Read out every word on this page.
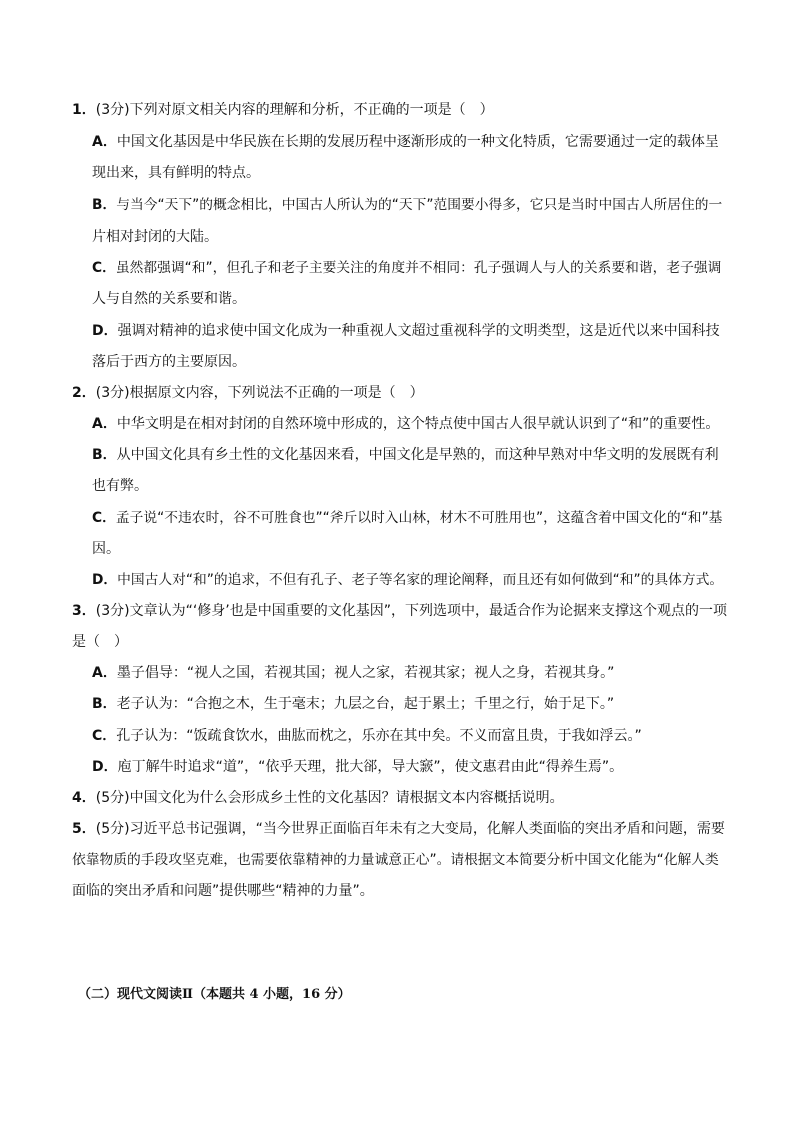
1．(3分)下列对原文相关内容的理解和分析，不正确的一项是（　）
A．中国文化基因是中华民族在长期的发展历程中逐渐形成的一种文化特质，它需要通过一定的载体呈
现出来，具有鲜明的特点。
B．与当今“天下”的概念相比，中国古人所认为的“天下”范围要小得多，它只是当时中国古人所居住的一
片相对封闭的大陆。
C．虽然都强调“和”，但孔子和老子主要关注的角度并不相同：孔子强调人与人的关系要和谐，老子强调
人与自然的关系要和谐。
D．强调对精神的追求使中国文化成为一种重视人文超过重视科学的文明类型，这是近代以来中国科技
落后于西方的主要原因。
2．(3分)根据原文内容，下列说法不正确的一项是（　）
A．中华文明是在相对封闭的自然环境中形成的，这个特点使中国古人很早就认识到了“和”的重要性。
B．从中国文化具有乡土性的文化基因来看，中国文化是早熟的，而这种早熟对中华文明的发展既有利
也有弊。
C．孟子说“不违农时，谷不可胜食也”“斧斤以时入山林，材木不可胜用也”，这蕴含着中国文化的“和”基
因。
D．中国古人对“和”的追求，不但有孔子、老子等名家的理论阐释，而且还有如何做到“和”的具体方式。
3．(3分)文章认为“‘修身’也是中国重要的文化基因”，下列选项中，最适合作为论据来支撑这个观点的一项
是（　）
A．墨子倡导：“视人之国，若视其国；视人之家，若视其家；视人之身，若视其身。”
B．老子认为：“合抱之木，生于毫末；九层之台，起于累土；千里之行，始于足下。”
C．孔子认为：“饭疏食饮水，曲肱而枕之，乐亦在其中矣。不义而富且贵，于我如浮云。”
D．庖丁解牛时追求“道”，“依乎天理，批大郤，导大窾”，使文惠君由此“得养生焉”。
4．(5分)中国文化为什么会形成乡土性的文化基因？请根据文本内容概括说明。
5．(5分)习近平总书记强调，“当今世界正面临百年未有之大变局，化解人类面临的突出矛盾和问题，需要
依靠物质的手段攻坚克难，也需要依靠精神的力量诚意正心”。请根据文本简要分析中国文化能为“化解人类
面临的突出矛盾和问题”提供哪些“精神的力量”。
（二）现代文阅读Ⅱ（本题共 4 小题，16 分）
